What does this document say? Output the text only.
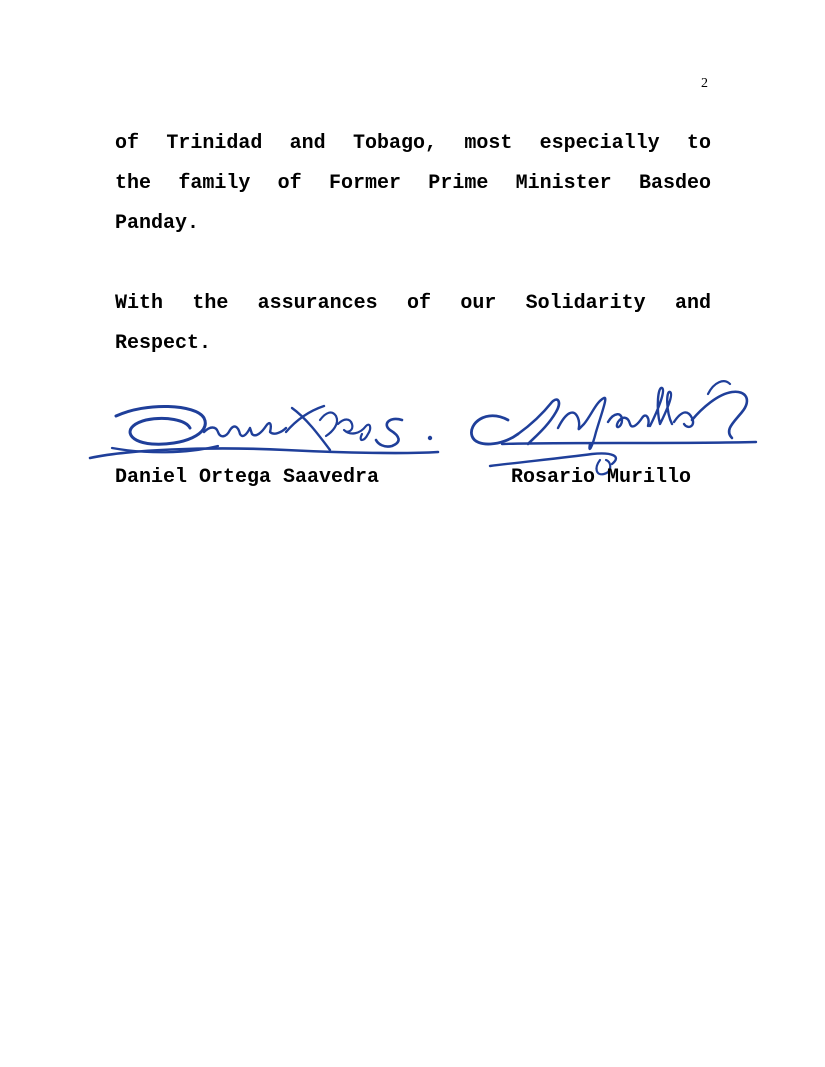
2
of Trinidad and Tobago, most especially to
the family of Former Prime Minister Basdeo
Panday.
With the assurances of our Solidarity and
Respect.
Daniel Ortega Saavedra	Rosario Murillo
